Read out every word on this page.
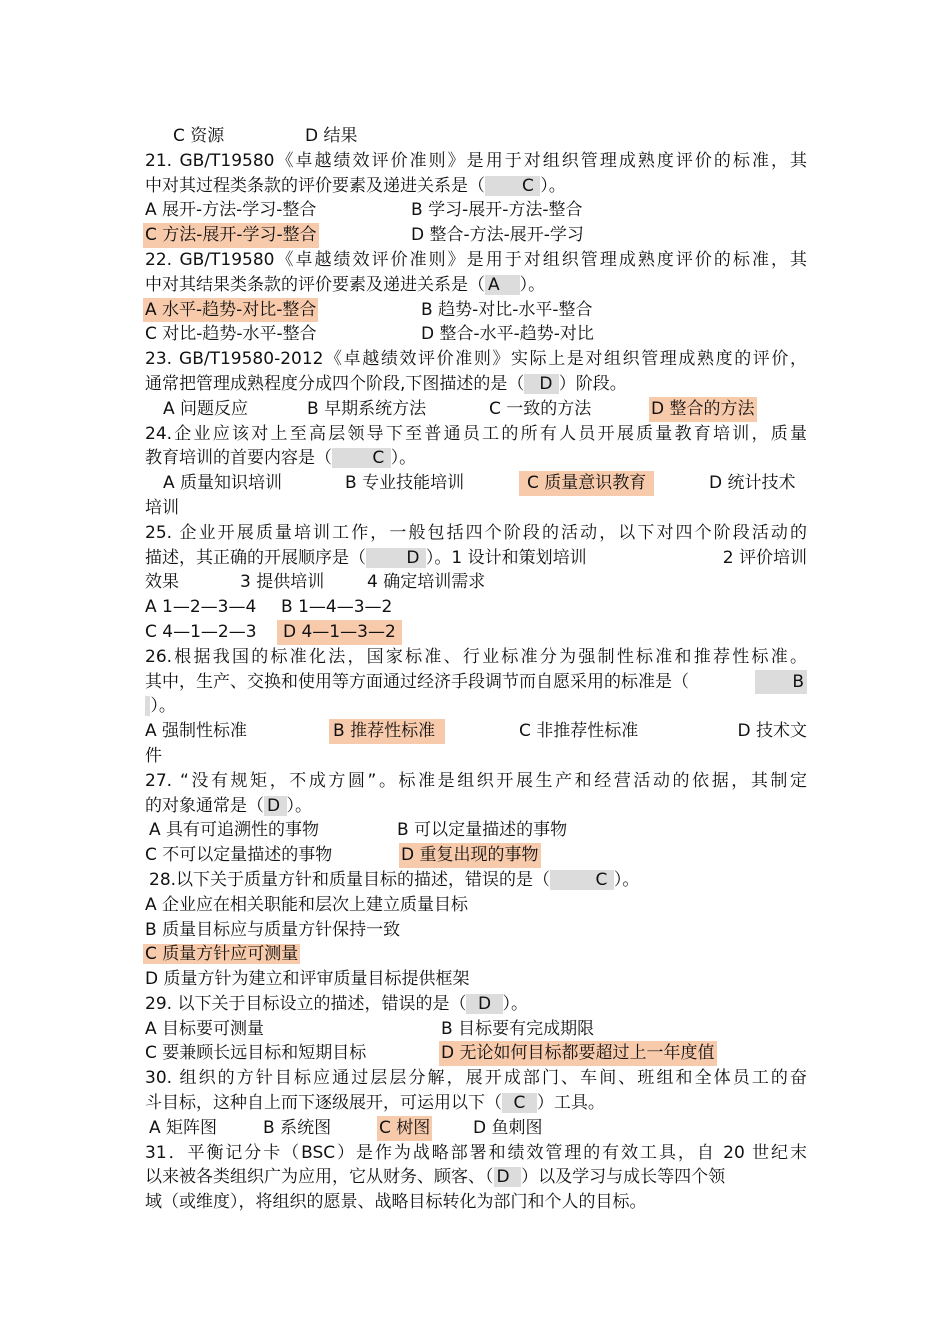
C 资源	D 结果
21. GB/T19580《卓越绩效评价准则》是用于对组织管理成熟度评价的标准，其
中对其过程类条款的评价要素及递进关系是（   C  ）。
A 展开-方法-学习-整合	B 学习-展开-方法-整合
C 方法-展开-学习-整合	D 整合-方法-展开-学习
22. GB/T19580《卓越绩效评价准则》是用于对组织管理成熟度评价的标准，其
中对其结果类条款的评价要素及递进关系是（ A  ）。
A 水平-趋势-对比-整合	B 趋势-对比-水平-整合
C 对比-趋势-水平-整合	D 整合-水平-趋势-对比
23. GB/T19580-2012《卓越绩效评价准则》实际上是对组织管理成熟度的评价，
通常把管理成熟程度分成四个阶段,下图描述的是（   D  ）阶段。
A 问题反应	B 早期系统方法	C 一致的方法	D 整合的方法
24.企业应该对上至高层领导下至普通员工的所有人员开展质量教育培训，质量
教育培训的首要内容是（    C  ）。
A 质量知识培训	B 专业技能培训	C 质量意识教育	D 统计技术
培训
25. 企业开展质量培训工作，一般包括四个阶段的活动，以下对四个阶段活动的
描述，其正确的开展顺序是（    D  ）。1 设计和策划培训	2 评价培训
效果	3 提供培训	4 确定培训需求
A 1—2—3—4 B 1—4—3—2
C 4—1—2—3	D 4—1—3—2
26.根据我国的标准化法，国家标准、行业标准分为强制性标准和推荐性标准。
其中，生产、交换和使用等方面通过经济手段调节而自愿采用的标准是（
  	B
 ）。
A 强制性标准	B 推荐性标准	C 非推荐性标准	D 技术文
件
27. “没有规矩，不成方圆”。标准是组织开展生产和经营活动的依据，其制定
的对象通常是（ D  ）。
A 具有可追溯性的事物	B 可以定量描述的事物
C 不可以定量描述的事物	D 重复出现的事物
28.以下关于质量方针和质量目标的描述，错误的是（   	C  ）。
A 企业应在相关职能和层次上建立质量目标
B 质量目标应与质量方针保持一致
C 质量方针应可测量
D 质量方针为建立和评审质量目标提供框架
29. 以下关于目标设立的描述，错误的是（  D  ）。
A 目标要可测量	B 目标要有完成期限
C 要兼顾长远目标和短期目标	D 无论如何目标都要超过上一年度值
30. 组织的方针目标应通过层层分解，展开成部门、车间、班组和全体员工的奋
斗目标，这种自上而下逐级展开，可运用以下（  C  ）工具。
A 矩阵图	B 系统图	C 树图	D 鱼刺图
31．平衡记分卡（BSC）是作为战略部署和绩效管理的有效工具，自 20 世纪末
以来被各类组织广为应用，它从财务、顾客、（ D  ）以及学习与成长等四个领
域（或维度），将组织的愿景、战略目标转化为部门和个人的目标。
